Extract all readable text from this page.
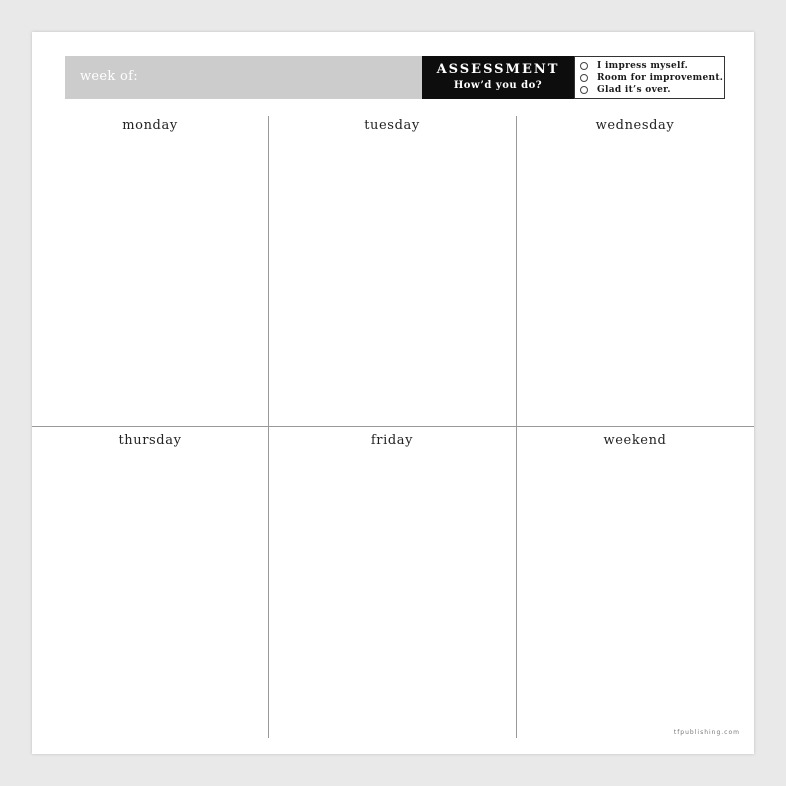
week of:	ASSESSMENT
How’d you do?
I impress myself.
Room for improvement.
Glad it’s over.
monday	tuesday	wednesday
thursday	friday	weekend
tfpublishing.com
